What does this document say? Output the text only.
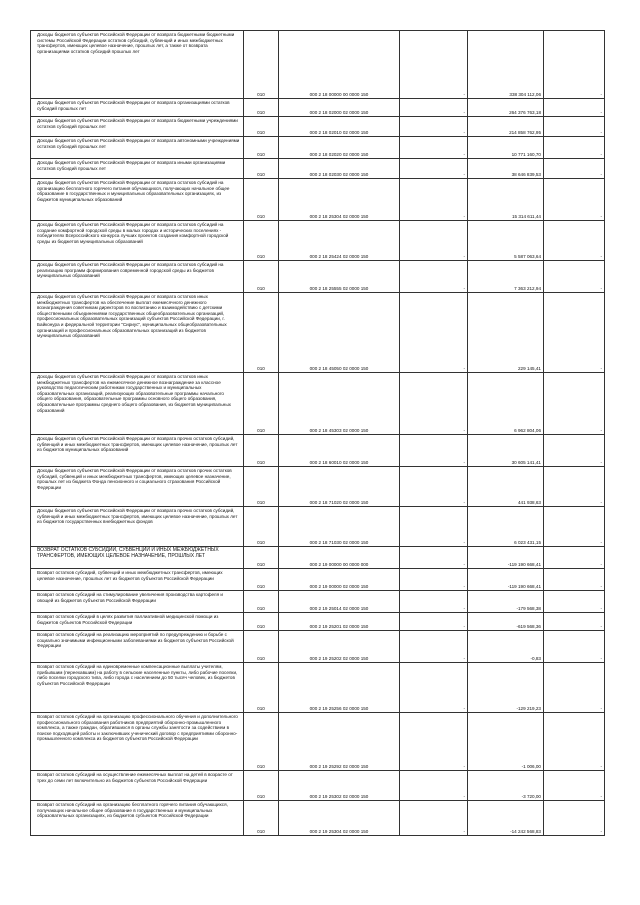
Доходы бюджетов субъектов Российской Федерации от возврата бюджетными бюджетными системы Российской Федерации остатков субсидий, субвенций и иных межбюджетных трансфертов, имеющих целевое назначение, прошлых лет, а также от возврата организациями остатков субсидий прошлых лет	010	000 2 18 00000 00 0000 150	-	338 304 112,06	-
Доходы бюджетов субъектов Российской Федерации от возврата организациями остатков субсидий прошлых лет	010	000 2 18 02000 02 0000 150	-	264 376 763,18	-
Доходы бюджетов субъектов Российской Федерации от возврата бюджетными учреждениями остатков субсидий прошлых лет	010	000 2 18 02010 02 0000 150	-	214 858 762,95	-
Доходы бюджетов субъектов Российской Федерации от возврата автономными учреждениями остатков субсидий прошлых лет	010	000 2 18 02020 02 0000 150	-	10 771 160,70	-
Доходы бюджетов субъектов Российской Федерации от возврата иными организациями остатков субсидий прошлых лет	010	000 2 18 02030 02 0000 150	-	38 646 839,53	-
Доходы бюджетов субъектов Российской Федерации от возврата остатков субсидий на организацию бесплатного горячего питания обучающихся, получающих начальное общее образование в государственных и муниципальных образовательных организациях, из бюджетов муниципальных образований	010	000 2 18 25304 02 0000 150	-	15 314 611,44	-
Доходы бюджетов субъектов Российской Федерации от возврата остатков субсидий на создание комфортной городской среды в малых городах и исторических поселениях - победителях Всероссийского конкурса лучших проектов создания комфортной городской среды из бюджетов муниципальных образований	010	000 2 18 25424 02 0000 150	-	5 587 063,64	-
Доходы бюджетов субъектов Российской Федерации от возврата остатков субсидий на реализацию программ формирования современной городской среды из бюджетов муниципальных образований	010	000 2 18 25555 02 0000 150	-	7 363 212,94	-
Доходы бюджетов субъектов Российской Федерации от возврата остатков иных межбюджетных трансфертов на обеспечение выплат ежемесячного денежного вознаграждения советникам директоров по воспитанию и взаимодействию с детскими общественными объединениями государственных общеобразовательных организаций, профессиональных образовательных организаций субъектов Российской Федерации, г. Байконура и федеральной территории "Сириус", муниципальных общеобразовательных организаций и профессиональных образовательных организаций из бюджетов муниципальных образований	010	000 2 18 45050 02 0000 150	-	229 145,41	-
Доходы бюджетов субъектов Российской Федерации от возврата остатков иных межбюджетных трансфертов на ежемесячное денежное вознаграждение за классное руководство педагогическим работникам государственных и муниципальных образовательных организаций, реализующих образовательные программы начального общего образования, образовательные программы основного общего образования, образовательные программы среднего общего образования, из бюджетов муниципальных образований	010	000 2 18 45303 02 0000 150	-	6 962 804,06	-
Доходы бюджетов субъектов Российской Федерации от возврата прочих остатков субсидий, субвенций и иных межбюджетных трансфертов, имеющих целевое назначение, прошлых лет из бюджетов муниципальных образований	010	000 2 18 60010 02 0000 150	-	30 605 141,41	-
Доходы бюджетов субъектов Российской Федерации от возврата остатков прочих остатков субсидий, субвенций и иных межбюджетных трансфертов, имеющих целевое назначение, прошлых лет из бюджета Фонда пенсионного и социального страхования Российской Федерации	010	000 2 18 71020 02 0000 150	-	441 938,63	-
Доходы бюджетов субъектов Российской Федерации от возврата прочих остатков субсидий, субвенций и иных межбюджетных трансфертов, имеющих целевое назначение, прошлых лет из бюджетов государственных внебюджетных фондов	010	000 2 18 71030 02 0000 150	-	6 023 431,15	-
ВОЗВРАТ ОСТАТКОВ СУБСИДИЙ, СУБВЕНЦИЙ И ИНЫХ МЕЖБЮДЖЕТНЫХ ТРАНСФЕРТОВ, ИМЕЮЩИХ ЦЕЛЕВОЕ НАЗНАЧЕНИЕ, ПРОШЛЫХ ЛЕТ	010	000 2 19 00000 00 0000 000	-	-119 190 668,41	-
Возврат остатков субсидий, субвенций и иных межбюджетных трансфертов, имеющих целевое назначение, прошлых лет из бюджетов субъектов Российской Федерации	010	000 2 19 00000 02 0000 150	-	-119 190 668,41	-
Возврат остатков субсидий на стимулирование увеличения производства картофеля и овощей из бюджетов субъектов Российской Федерации	010	000 2 19 25014 02 0000 150	-	-179 568,38	-
Возврат остатков субсидий в целях развития паллиативной медицинской помощи из бюджетов субъектов Российской Федерации	010	000 2 19 25201 02 0000 150	-	-619 568,36	-
Возврат остатков субсидий на реализацию мероприятий по предупреждению и борьбе с социально значимыми инфекционными заболеваниями из бюджетов субъектов Российской Федерации	010	000 2 19 25202 02 0000 150	-	-0,83	-
Возврат остатков субсидий на единовременные компенсационные выплаты учителям, прибывшим (переехавшим) на работу в сельские населенные пункты, либо рабочие поселки, либо поселки городского типа, либо города с населением до 50 тысяч человек, из бюджетов субъектов Российской Федерации	010	000 2 19 25256 02 0000 150	-	-129 219,23	-
Возврат остатков субсидий на организацию профессионального обучения и дополнительного профессионального образования работников предприятий оборонно-промышленного комплекса, а также граждан, обратившихся в органы службы занятости за содействием в поиске подходящей работы и заключивших ученический договор с предприятиями оборонно-промышленного комплекса из бюджетов субъектов Российской Федерации	010	000 2 19 25292 02 0000 150	-	-1 006,00	-
Возврат остатков субсидий на осуществление ежемесячных выплат на детей в возрасте от трех до семи лет включительно из бюджетов субъектов Российской Федерации	010	000 2 19 25302 02 0000 150	-	-3 720,00	-
Возврат остатков субсидий на организацию бесплатного горячего питания обучающихся, получающих начальное общее образование в государственных и муниципальных образовательных организациях, из бюджетов субъектов Российской Федерации	010	000 2 19 25304 02 0000 150	-	-14 242 568,83	-
